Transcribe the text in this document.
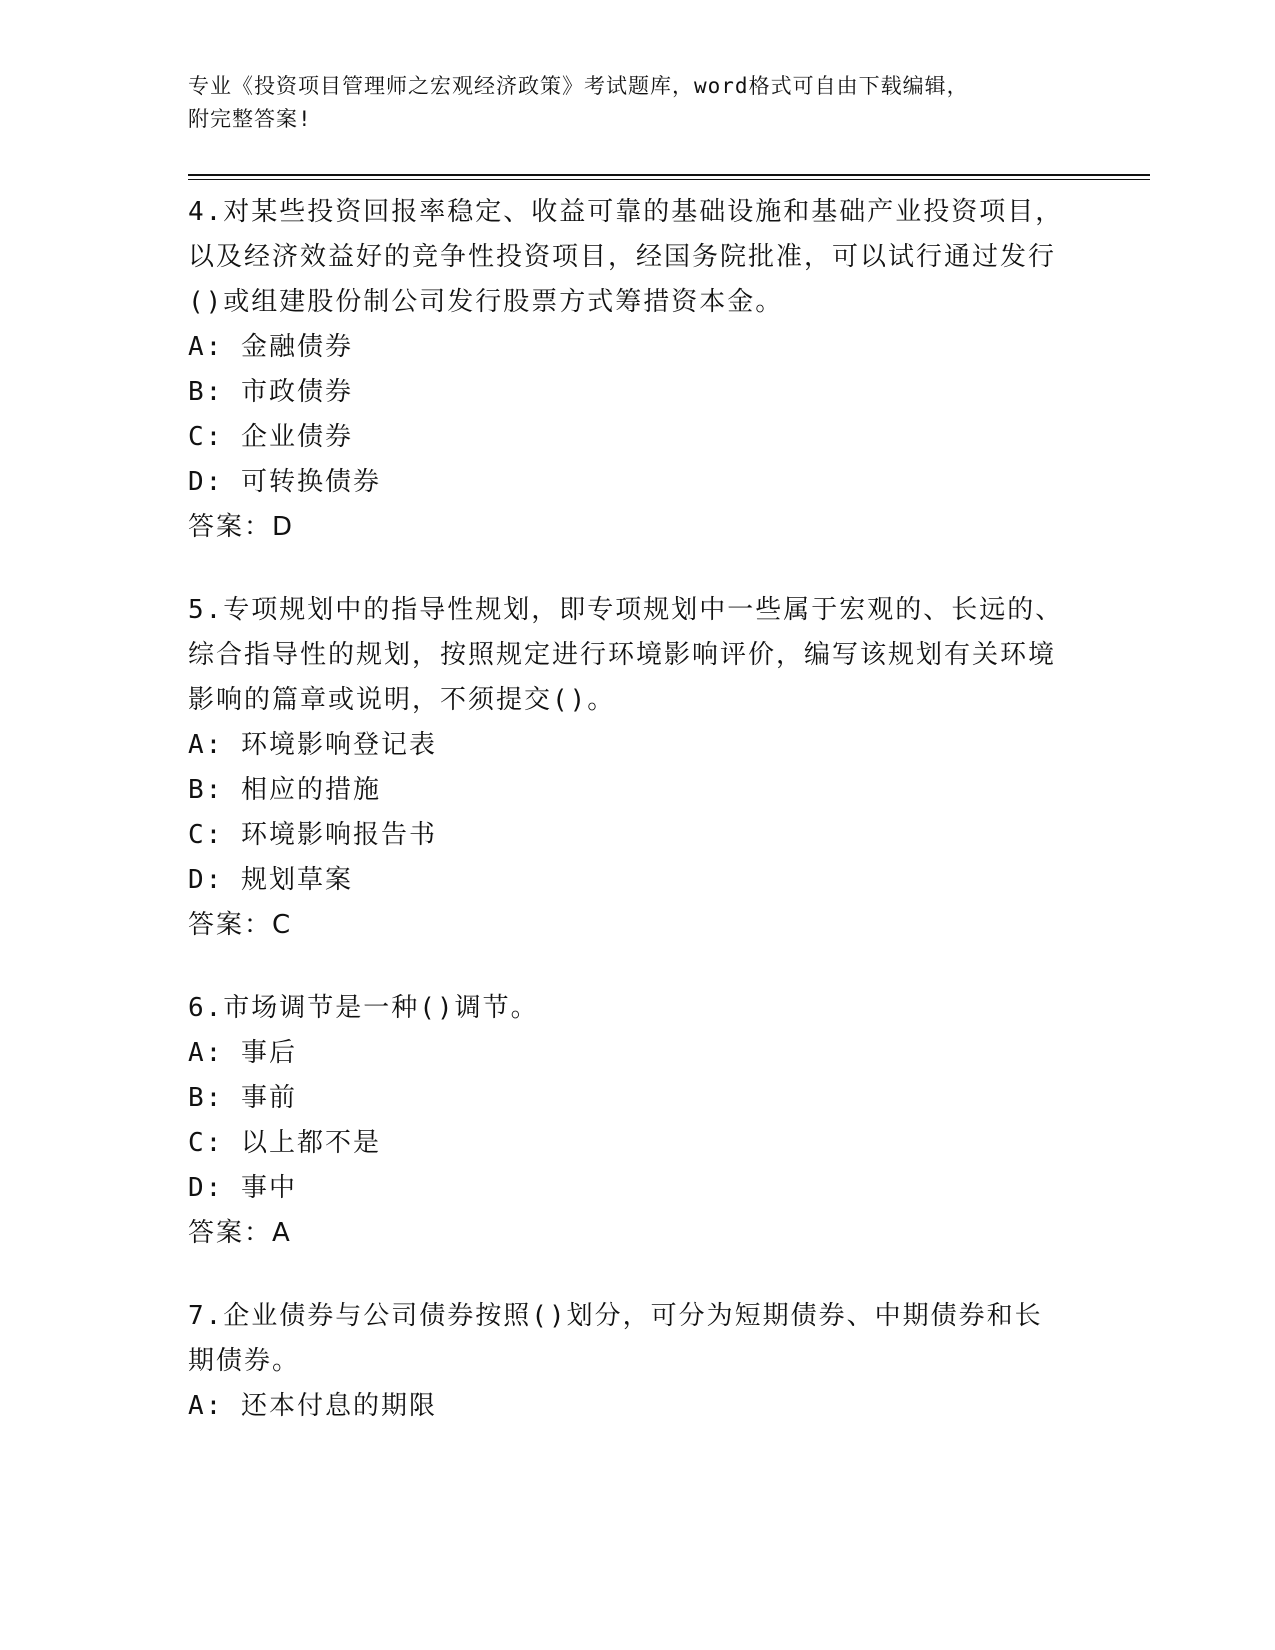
专业《投资项目管理师之宏观经济政策》考试题库，word格式可自由下载编辑，

附完整答案!

4.对某些投资回报率稳定、收益可靠的基础设施和基础产业投资项目，以及经济效益好的竞争性投资项目，经国务院批准，可以试行通过发行()或组建股份制公司发行股票方式筹措资本金。

A: 金融债券

B: 市政债券

C: 企业债券

D: 可转换债券

答案：D

5.专项规划中的指导性规划，即专项规划中一些属于宏观的、长远的、综合指导性的规划，按照规定进行环境影响评价，编写该规划有关环境影响的篇章或说明，不须提交()。

A: 环境影响登记表

B: 相应的措施

C: 环境影响报告书

D: 规划草案

答案：C

6.市场调节是一种()调节。

A: 事后

B: 事前

C: 以上都不是

D: 事中

答案：A

7.企业债券与公司债券按照()划分，可分为短期债券、中期债券和长期债券。

A: 还本付息的期限
